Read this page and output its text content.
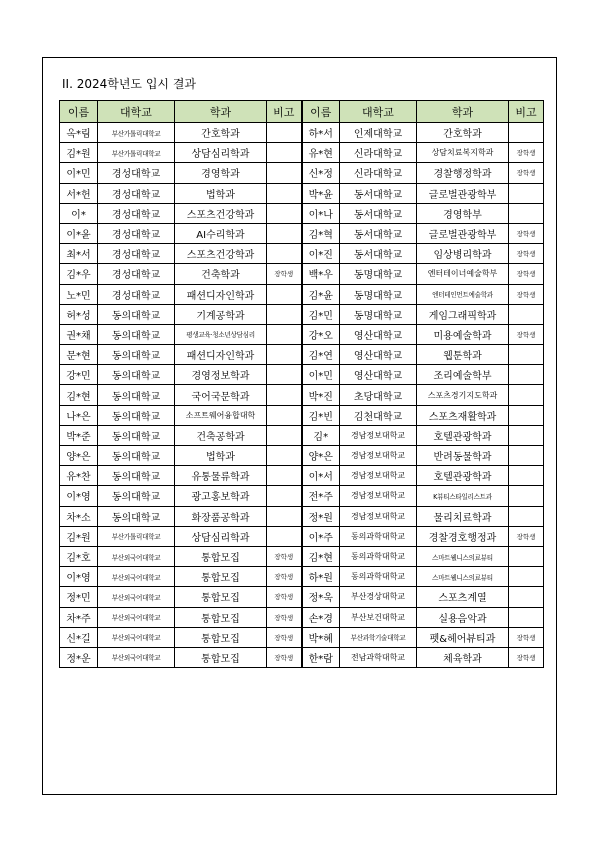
II. 2024학년도 입시 결과
이름	대학교	학과	비고	이름	대학교	학과	비고
옥*림	부산가톨릭대학교	간호학과		하*서	인제대학교	간호학과	
김*원	부산가톨릭대학교	상담심리학과		유*현	신라대학교	상담치료복지학과	장학생
이*민	경성대학교	경영학과		신*정	신라대학교	경찰행정학과	장학생
서*헌	경성대학교	법학과		박*윤	동서대학교	글로벌관광학부	
이*	경성대학교	스포츠건강학과		이*나	동서대학교	경영학부	
이*윤	경성대학교	AI수리학과		김*혁	동서대학교	글로벌관광학부	장학생
최*서	경성대학교	스포츠건강학과		이*진	동서대학교	임상병리학과	장학생
김*우	경성대학교	건축학과	장학생	백*우	동명대학교	엔터테이너예술학부	장학생
노*민	경성대학교	패션디자인학과		김*윤	동명대학교	엔터테인먼트예술학과	장학생
허*성	동의대학교	기계공학과		김*민	동명대학교	게임그래픽학과	
권*채	동의대학교	평생교육·청소년상담심리		강*오	영산대학교	미용예술학과	장학생
문*현	동의대학교	패션디자인학과		김*연	영산대학교	웹툰학과	
강*민	동의대학교	경영정보학과		이*민	영산대학교	조리예술학부	
김*현	동의대학교	국어국문학과		박*진	초당대학교	스포츠경기지도학과	
나*은	동의대학교	소프트웨어융합대학		김*빈	김천대학교	스포츠재활학과	
박*준	동의대학교	건축공학과		김*	경남정보대학교	호텔관광학과	
양*은	동의대학교	법학과		양*은	경남정보대학교	반려동물학과	
유*찬	동의대학교	유통물류학과		이*서	경남정보대학교	호텔관광학과	
이*영	동의대학교	광고홍보학과		전*주	경남정보대학교	K뷰티스타일리스트과	
차*소	동의대학교	화장품공학과		정*원	경남정보대학교	물리치료학과	
김*원	부산가톨릭대학교	상담심리학과		이*주	동의과학대학교	경찰경호행정과	장학생
김*호	부산외국어대학교	통합모집	장학생	김*현	동의과학대학교	스마트웰니스의료뷰티	
이*영	부산외국어대학교	통합모집	장학생	하*원	동의과학대학교	스마트웰니스의료뷰티	
정*민	부산외국어대학교	통합모집	장학생	정*욱	부산경상대학교	스포츠계열	
차*주	부산외국어대학교	통합모집	장학생	손*경	부산보건대학교	실용음악과	
신*길	부산외국어대학교	통합모집	장학생	박*혜	부산과학기술대학교	펫&헤어뷰티과	장학생
정*운	부산외국어대학교	통합모집	장학생	한*람	전남과학대학교	체육학과	장학생
